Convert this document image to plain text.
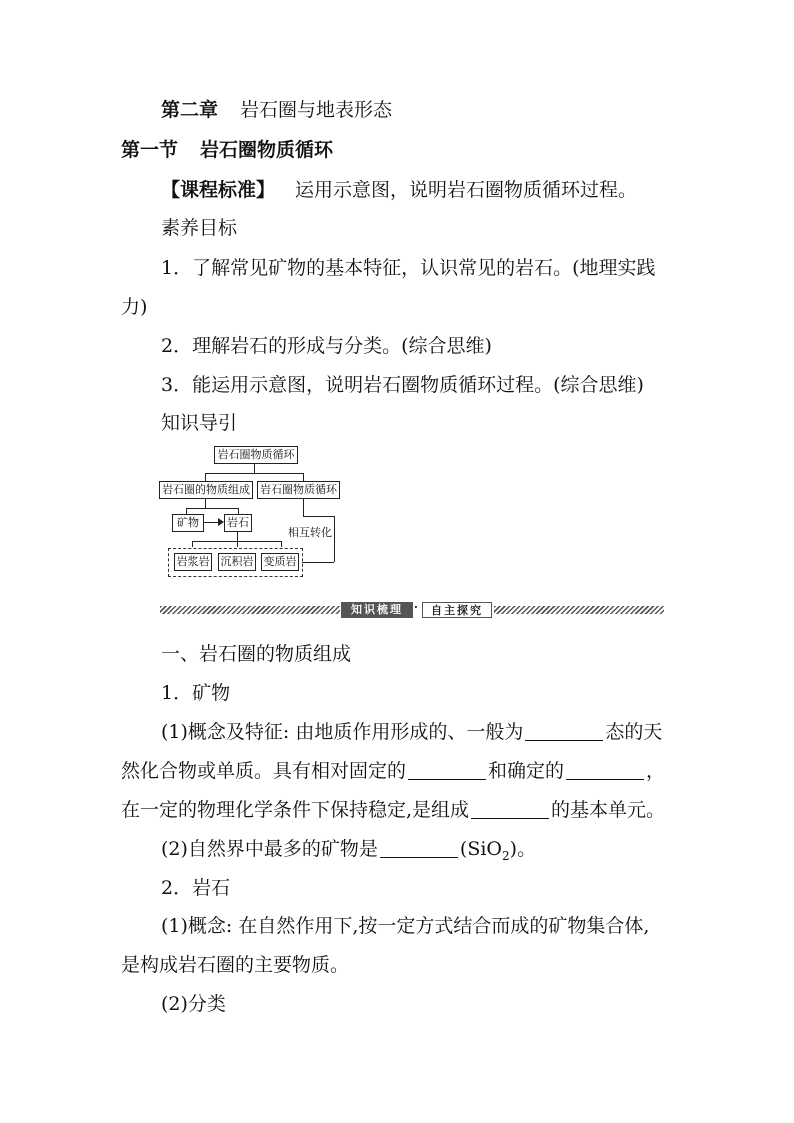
第二章 岩石圈与地表形态
第一节 岩石圈物质循环
【课程标准】 运用示意图，说明岩石圈物质循环过程。
素养目标
1．了解常见矿物的基本特征，认识常见的岩石。(地理实践
力)
2．理解岩石的形成与分类。(综合思维)
3．能运用示意图，说明岩石圈物质循环过程。(综合思维)
知识导引
岩石圈物质循环
岩石圈的物质组成 岩石圈物质循环
矿物	岩石
岩浆岩 沉积岩 变质岩
相互转化
知识梳理	·	自主探究
一、岩石圈的物质组成
1．矿物
(1)概念及特征: 由地质作用形成的、一般为	态的天
然化合物或单质。具有相对固定的	和确定的	，
在一定的物理化学条件下保持稳定,是组成	的基本单元。
(2)自然界中最多的矿物是	(SiO$_2$)。
2．岩石
(1)概念: 在自然作用下,按一定方式结合而成的矿物集合体,
是构成岩石圈的主要物质。
(2)分类
